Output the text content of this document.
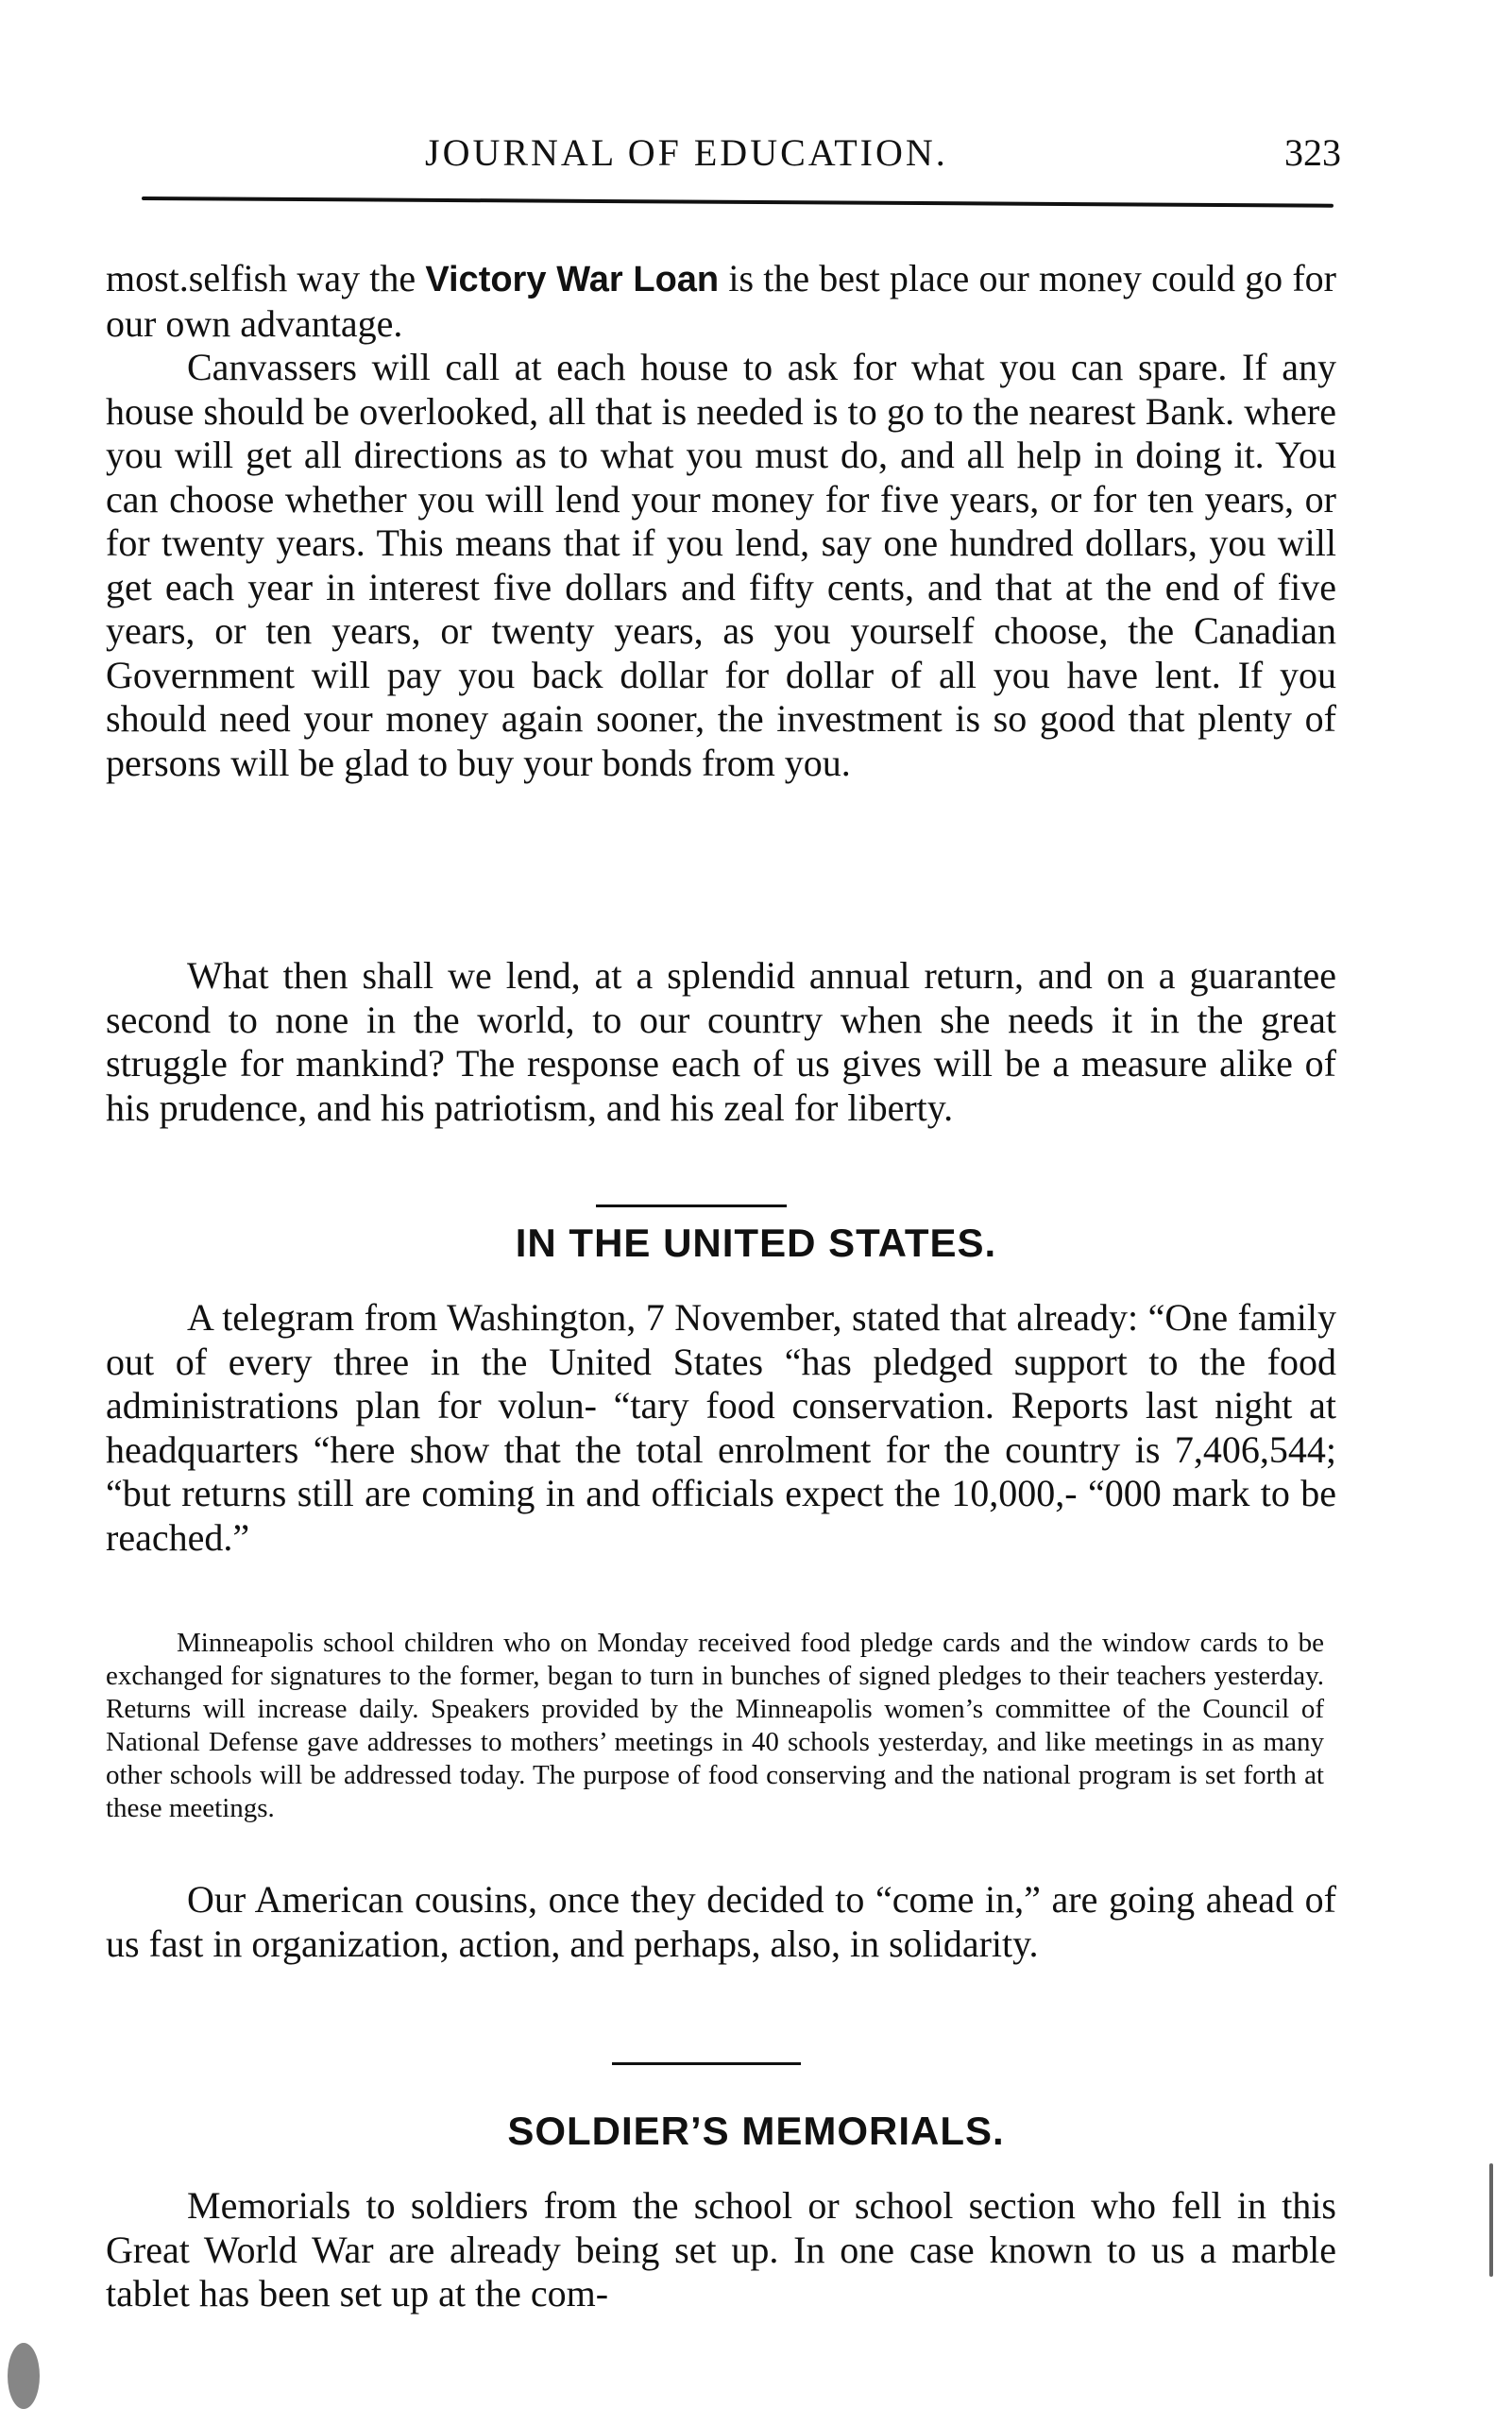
JOURNAL OF EDUCATION.	323

most.selfish way the Victory War Loan is the best place our money could go for our own advantage.

Canvassers will call at each house to ask for what you can spare. If any house should be overlooked, all that is needed is to go to the nearest Bank. where you will get all directions as to what you must do, and all help in doing it. You can choose whether you will lend your money for five years, or for ten years, or for twenty years. This means that if you lend, say one hundred dollars, you will get each year in interest five dollars and fifty cents, and that at the end of five years, or ten years, or twenty years, as you yourself choose, the Canadian Government will pay you back dollar for dollar of all you have lent. If you should need your money again sooner, the investment is so good that plenty of persons will be glad to buy your bonds from you.

What then shall we lend, at a splendid annual return, and on a guarantee second to none in the world, to our country when she needs it in the great struggle for mankind? The response each of us gives will be a measure alike of his prudence, and his patriotism, and his zeal for liberty.

IN THE UNITED STATES.

A telegram from Washington, 7 November, stated that already: “One family out of every three in the United States “has pledged support to the food administrations plan for volun- “tary food conservation. Reports last night at headquarters “here show that the total enrolment for the country is 7,406,544; “but returns still are coming in and officials expect the 10,000,- “000 mark to be reached.”

Minneapolis school children who on Monday received food pledge cards and the window cards to be exchanged for signatures to the former, began to turn in bunches of signed pledges to their teachers yesterday. Returns will increase daily. Speakers provided by the Minneapolis women’s committee of the Council of National Defense gave addresses to mothers’ meetings in 40 schools yesterday, and like meetings in as many other schools will be addressed today. The purpose of food conserving and the national program is set forth at these meetings.

Our American cousins, once they decided to “come in,” are going ahead of us fast in organization, action, and perhaps, also, in solidarity.

SOLDIER’S MEMORIALS.

Memorials to soldiers from the school or school section who fell in this Great World War are already being set up. In one case known to us a marble tablet has been set up at the com-
